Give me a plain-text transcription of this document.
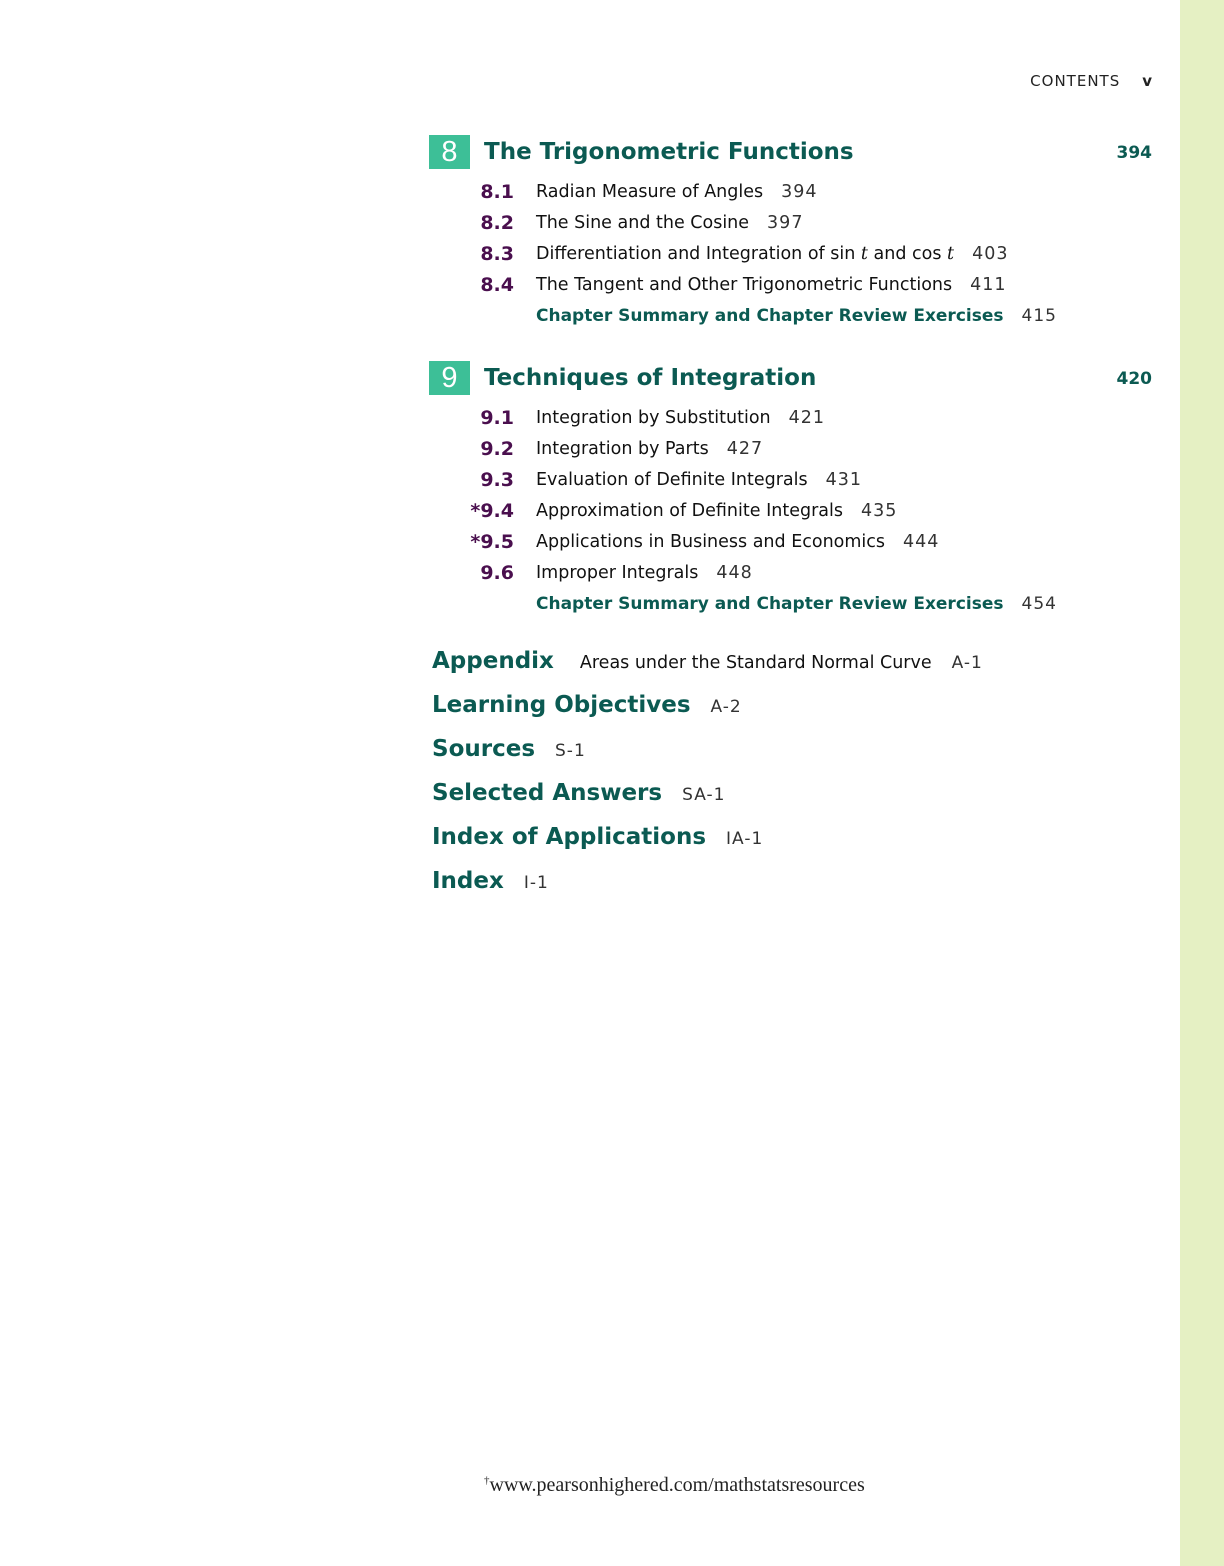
CONTENTS v
8	The Trigonometric Functions	394
8.1 Radian Measure of Angles 394
8.2 The Sine and the Cosine 397
8.3 Differentiation and Integration of sin t and cos t 403
8.4 The Tangent and Other Trigonometric Functions 411
Chapter Summary and Chapter Review Exercises 415
9	Techniques of Integration	420
9.1 Integration by Substitution 421
9.2 Integration by Parts 427
9.3 Evaluation of Definite Integrals 431
*9.4 Approximation of Definite Integrals 435
*9.5 Applications in Business and Economics 444
9.6 Improper Integrals 448
Chapter Summary and Chapter Review Exercises 454
Appendix Areas under the Standard Normal Curve A-1
Learning Objectives A-2
Sources S-1
Selected Answers SA-1
Index of Applications IA-1
Index I-1
†www.pearsonhighered.com/mathstatsresources
